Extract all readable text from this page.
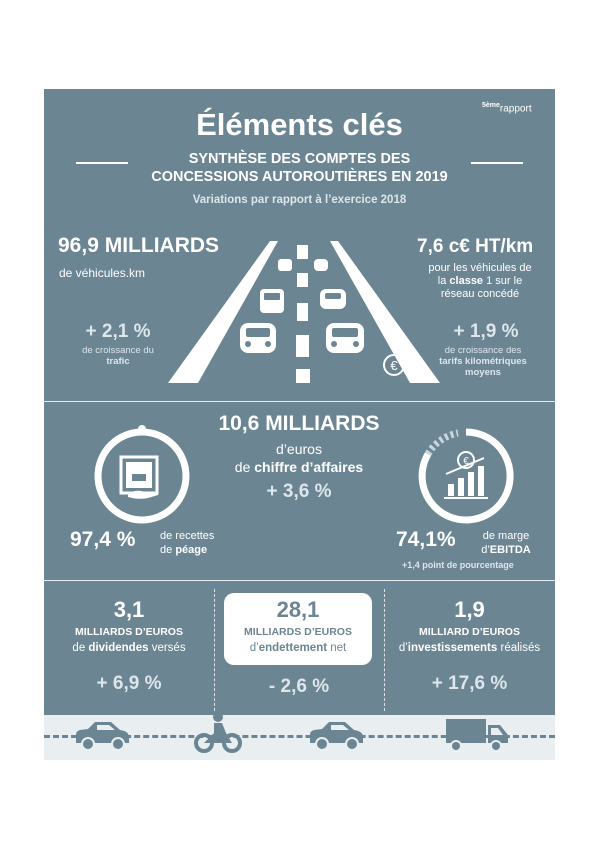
Éléments clés
$^{5ème}$rapport
SYNTHÈSE DES COMPTES DES
CONCESSIONS AUTOROUTIÈRES EN 2019
Variations par rapport à l’exercice 2018
€
96,9 MILLIARDS
de véhicules.km
+ 2,1 %
de croissance du
trafic
7,6 c€ HT/km
pour les véhicules de
la classe 1 sur le
réseau concédé
+ 1,9 %
de croissance des
tarifs kilométriques
moyens
10,6 MILLIARDS
d’euros
de chiffre d’affaires
+ 3,6 %
97,4 % de recettes
de péage
€
74,1%	de marge
d’EBITDA
+1,4 point de pourcentage
3,1
MILLIARDS D’EUROS
de dividendes versés
+ 6,9 %
28,1
MILLIARDS D’EUROS
d’endettement net
- 2,6 %
1,9
MILLIARD D’EUROS
d’investissements réalisés
+ 17,6 %
